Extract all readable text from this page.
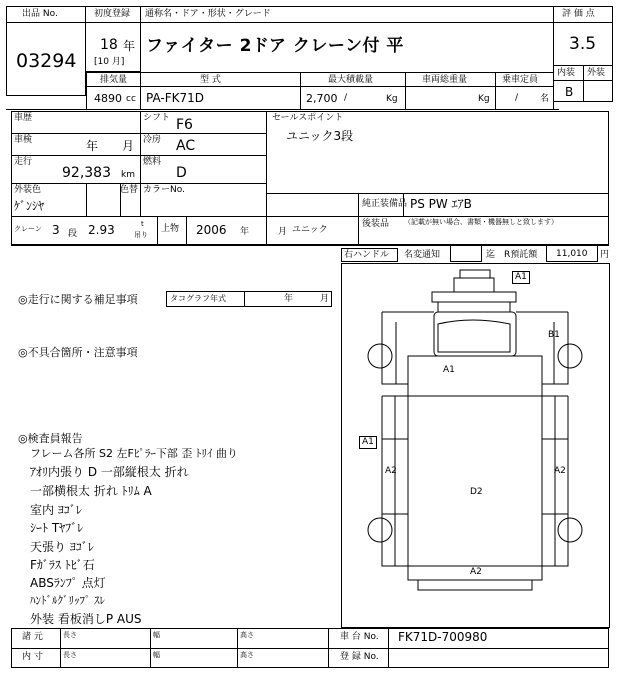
出品 No.
03294
初度登録 通称名・ドア・形状・グレード
18 年
[10 月]
ファイター 2ドア クレーン付 平
評 価 点
3.5
内装 外装
B
排気量	型 式	最大積載量	車両総重量	乗車定員
4890 cc PA-FK71D	2,700 /	Kg	Kg	/ 名
車歴	シフト F6
車検	年 月 冷房 AC
走行
92,383 km
燃料
D
外装色
ｹﾞﾝｼﾔ
色替 カラーNo.
セールスポイント
ユニック3段
純正装備品 PS PW ｴｱB
後装品 （記載が無い場合、書類・機器無しと致します）
クレーン 3 段 2.93	t
吊り
上物 2006 年	月 ユニック
右ハンドル 名変通知	迄 R預託額 11,010 円
◎走行に関する補足事項	タコグラフ年式	年	月
◎不具合箇所・注意事項
◎検査員報告
フレーム各所 S2 左Fﾋﾟﾗｰ下部 歪 ﾄﾘｲ 曲り
ｱｵﾘ内張り D 一部縦根太 折れ
一部横根太 折れ ﾄﾘﾑ A
室内 ﾖｺﾞﾚ
ｼｰﾄ Tﾔﾌﾞﾚ
天張り ﾖｺﾞﾚ
Fｶﾞﾗｽ ﾄﾋﾞ石
ABSﾗﾝﾌﾟ 点灯
ﾊﾝﾄﾞﾙｸﾞﾘｯﾌﾟ ｽﾚ
外装 看板消しP AUS
A1
B1
A1
A1
A2	A2
D2
A2
諸 元
内 寸
長さ	幅	高さ
長さ	幅	高さ
車 台 No. FK71D-700980
登 録 No.
